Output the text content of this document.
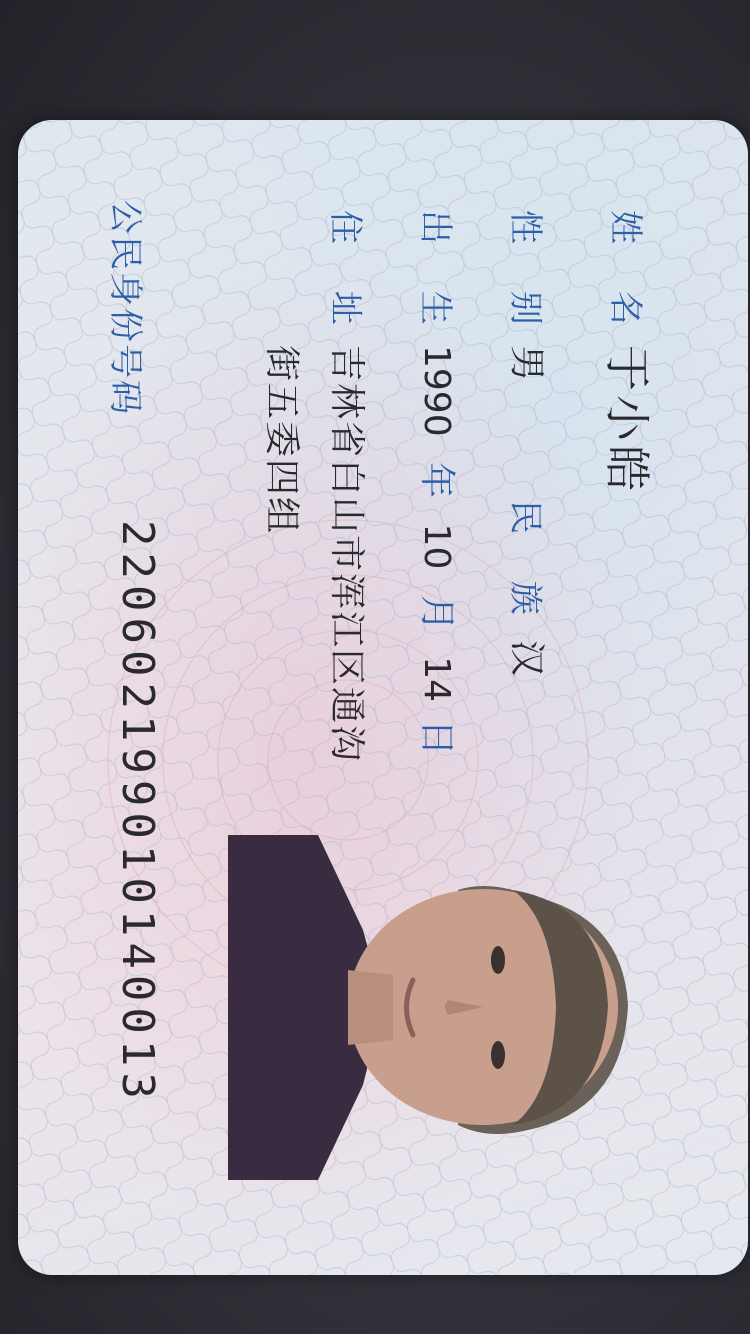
姓 名
于小皓
性 别
男
民 族
汉
出 生
1990 年 10 月 14 日
住 址
吉林省白山市浑江区通沟
街五委四组
公民身份号码
220602199010140013
